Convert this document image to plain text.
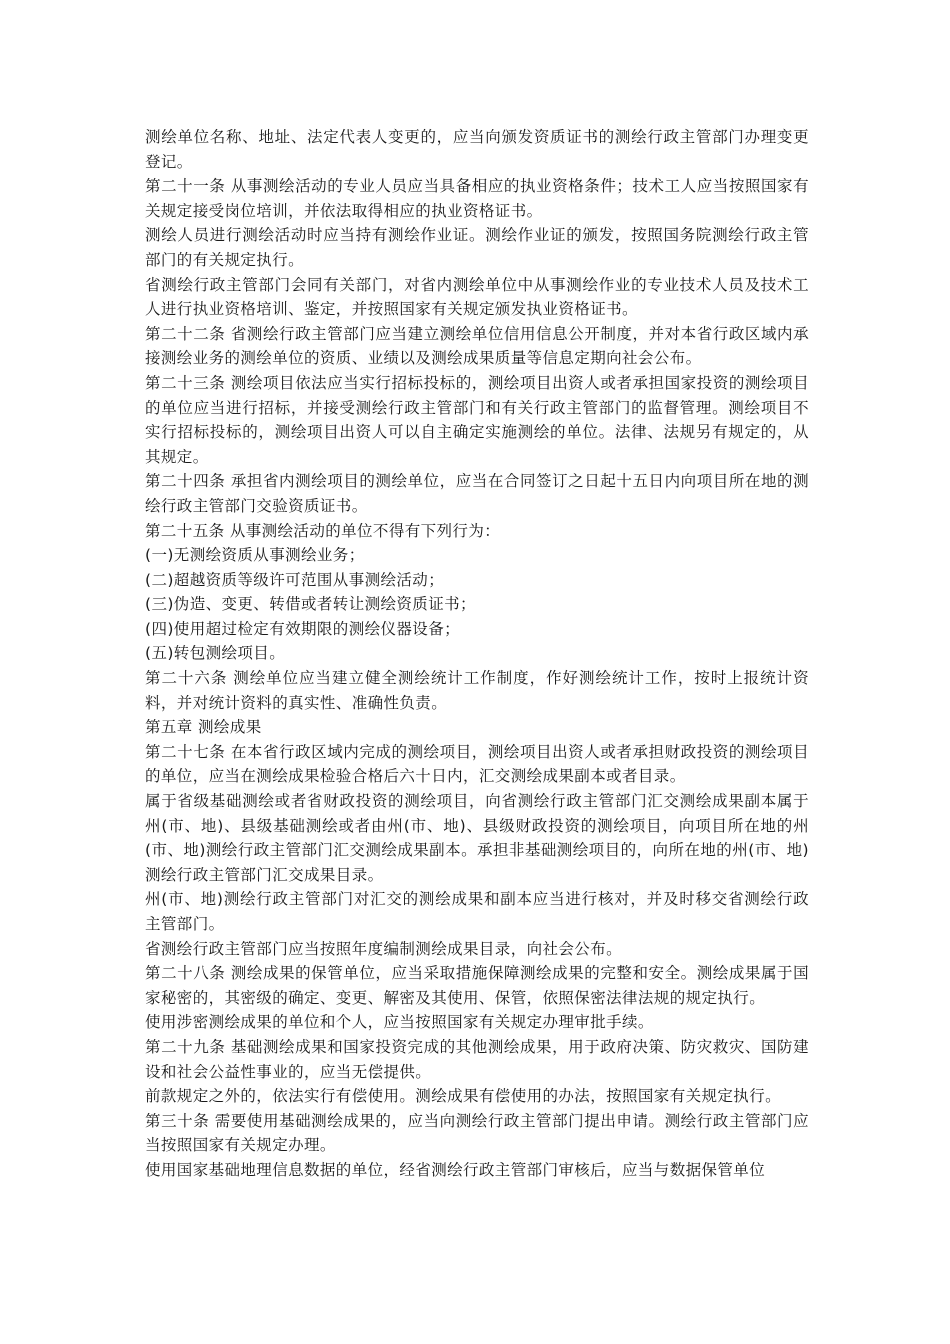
测绘单位名称、地址、法定代表人变更的，应当向颁发资质证书的测绘行政主管部门办理变更登记。

第二十一条 从事测绘活动的专业人员应当具备相应的执业资格条件；技术工人应当按照国家有关规定接受岗位培训，并依法取得相应的执业资格证书。

测绘人员进行测绘活动时应当持有测绘作业证。测绘作业证的颁发，按照国务院测绘行政主管部门的有关规定执行。

省测绘行政主管部门会同有关部门，对省内测绘单位中从事测绘作业的专业技术人员及技术工人进行执业资格培训、鉴定，并按照国家有关规定颁发执业资格证书。

第二十二条 省测绘行政主管部门应当建立测绘单位信用信息公开制度，并对本省行政区域内承接测绘业务的测绘单位的资质、业绩以及测绘成果质量等信息定期向社会公布。

第二十三条 测绘项目依法应当实行招标投标的，测绘项目出资人或者承担国家投资的测绘项目的单位应当进行招标，并接受测绘行政主管部门和有关行政主管部门的监督管理。测绘项目不实行招标投标的，测绘项目出资人可以自主确定实施测绘的单位。法律、法规另有规定的，从其规定。

第二十四条 承担省内测绘项目的测绘单位，应当在合同签订之日起十五日内向项目所在地的测绘行政主管部门交验资质证书。

第二十五条 从事测绘活动的单位不得有下列行为：

(一)无测绘资质从事测绘业务；

(二)超越资质等级许可范围从事测绘活动；

(三)伪造、变更、转借或者转让测绘资质证书；

(四)使用超过检定有效期限的测绘仪器设备；

(五)转包测绘项目。

第二十六条 测绘单位应当建立健全测绘统计工作制度，作好测绘统计工作，按时上报统计资料，并对统计资料的真实性、准确性负责。

第五章 测绘成果

第二十七条 在本省行政区域内完成的测绘项目，测绘项目出资人或者承担财政投资的测绘项目的单位，应当在测绘成果检验合格后六十日内，汇交测绘成果副本或者目录。

属于省级基础测绘或者省财政投资的测绘项目，向省测绘行政主管部门汇交测绘成果副本属于州(市、地)、县级基础测绘或者由州(市、地)、县级财政投资的测绘项目，向项目所在地的州(市、地)测绘行政主管部门汇交测绘成果副本。承担非基础测绘项目的，向所在地的州(市、地)测绘行政主管部门汇交成果目录。

州(市、地)测绘行政主管部门对汇交的测绘成果和副本应当进行核对，并及时移交省测绘行政主管部门。

省测绘行政主管部门应当按照年度编制测绘成果目录，向社会公布。

第二十八条 测绘成果的保管单位，应当采取措施保障测绘成果的完整和安全。测绘成果属于国家秘密的，其密级的确定、变更、解密及其使用、保管，依照保密法律法规的规定执行。

使用涉密测绘成果的单位和个人，应当按照国家有关规定办理审批手续。

第二十九条 基础测绘成果和国家投资完成的其他测绘成果，用于政府决策、防灾救灾、国防建设和社会公益性事业的，应当无偿提供。

前款规定之外的，依法实行有偿使用。测绘成果有偿使用的办法，按照国家有关规定执行。

第三十条 需要使用基础测绘成果的，应当向测绘行政主管部门提出申请。测绘行政主管部门应当按照国家有关规定办理。

使用国家基础地理信息数据的单位，经省测绘行政主管部门审核后，应当与数据保管单位
